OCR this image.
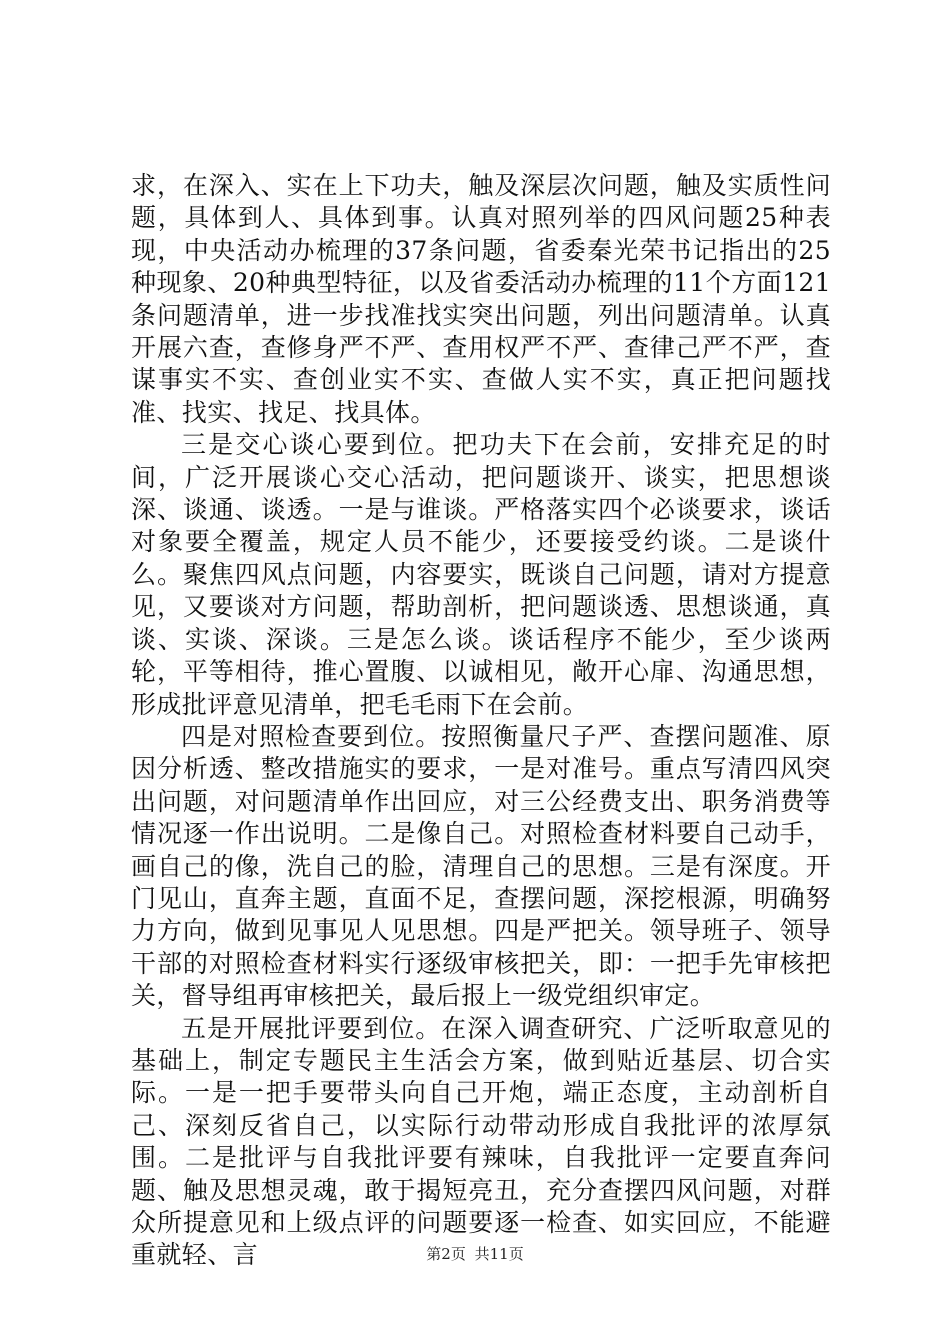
求，在深入、实在上下功夫，触及深层次问题，触及实质性问题，具体到人、具体到事。认真对照列举的四风问题25种表现，中央活动办梳理的37条问题，省委秦光荣书记指出的25种现象、20种典型特征，以及省委活动办梳理的11个方面121条问题清单，进一步找准找实突出问题，列出问题清单。认真开展六查，查修身严不严、查用权严不严、查律己严不严，查谋事实不实、查创业实不实、查做人实不实，真正把问题找准、找实、找足、找具体。

三是交心谈心要到位。把功夫下在会前，安排充足的时间，广泛开展谈心交心活动，把问题谈开、谈实，把思想谈深、谈通、谈透。一是与谁谈。严格落实四个必谈要求，谈话对象要全覆盖，规定人员不能少，还要接受约谈。二是谈什么。聚焦四风点问题，内容要实，既谈自己问题，请对方提意见，又要谈对方问题，帮助剖析，把问题谈透、思想谈通，真谈、实谈、深谈。三是怎么谈。谈话程序不能少，至少谈两轮，平等相待，推心置腹、以诚相见，敞开心扉、沟通思想，形成批评意见清单，把毛毛雨下在会前。

四是对照检查要到位。按照衡量尺子严、查摆问题准、原因分析透、整改措施实的要求，一是对准号。重点写清四风突出问题，对问题清单作出回应，对三公经费支出、职务消费等情况逐一作出说明。二是像自己。对照检查材料要自己动手，画自己的像，洗自己的脸，清理自己的思想。三是有深度。开门见山，直奔主题，直面不足，查摆问题，深挖根源，明确努力方向，做到见事见人见思想。四是严把关。领导班子、领导干部的对照检查材料实行逐级审核把关，即：一把手先审核把关，督导组再审核把关，最后报上一级党组织审定。

五是开展批评要到位。在深入调查研究、广泛听取意见的基础上，制定专题民主生活会方案，做到贴近基层、切合实际。一是一把手要带头向自己开炮，端正态度，主动剖析自己、深刻反省自己，以实际行动带动形成自我批评的浓厚氛围。二是批评与自我批评要有辣味，自我批评一定要直奔问题、触及思想灵魂，敢于揭短亮丑，充分查摆四风问题，对群众所提意见和上级点评的问题要逐一检查、如实回应，不能避重就轻、言	第2页 共11页
